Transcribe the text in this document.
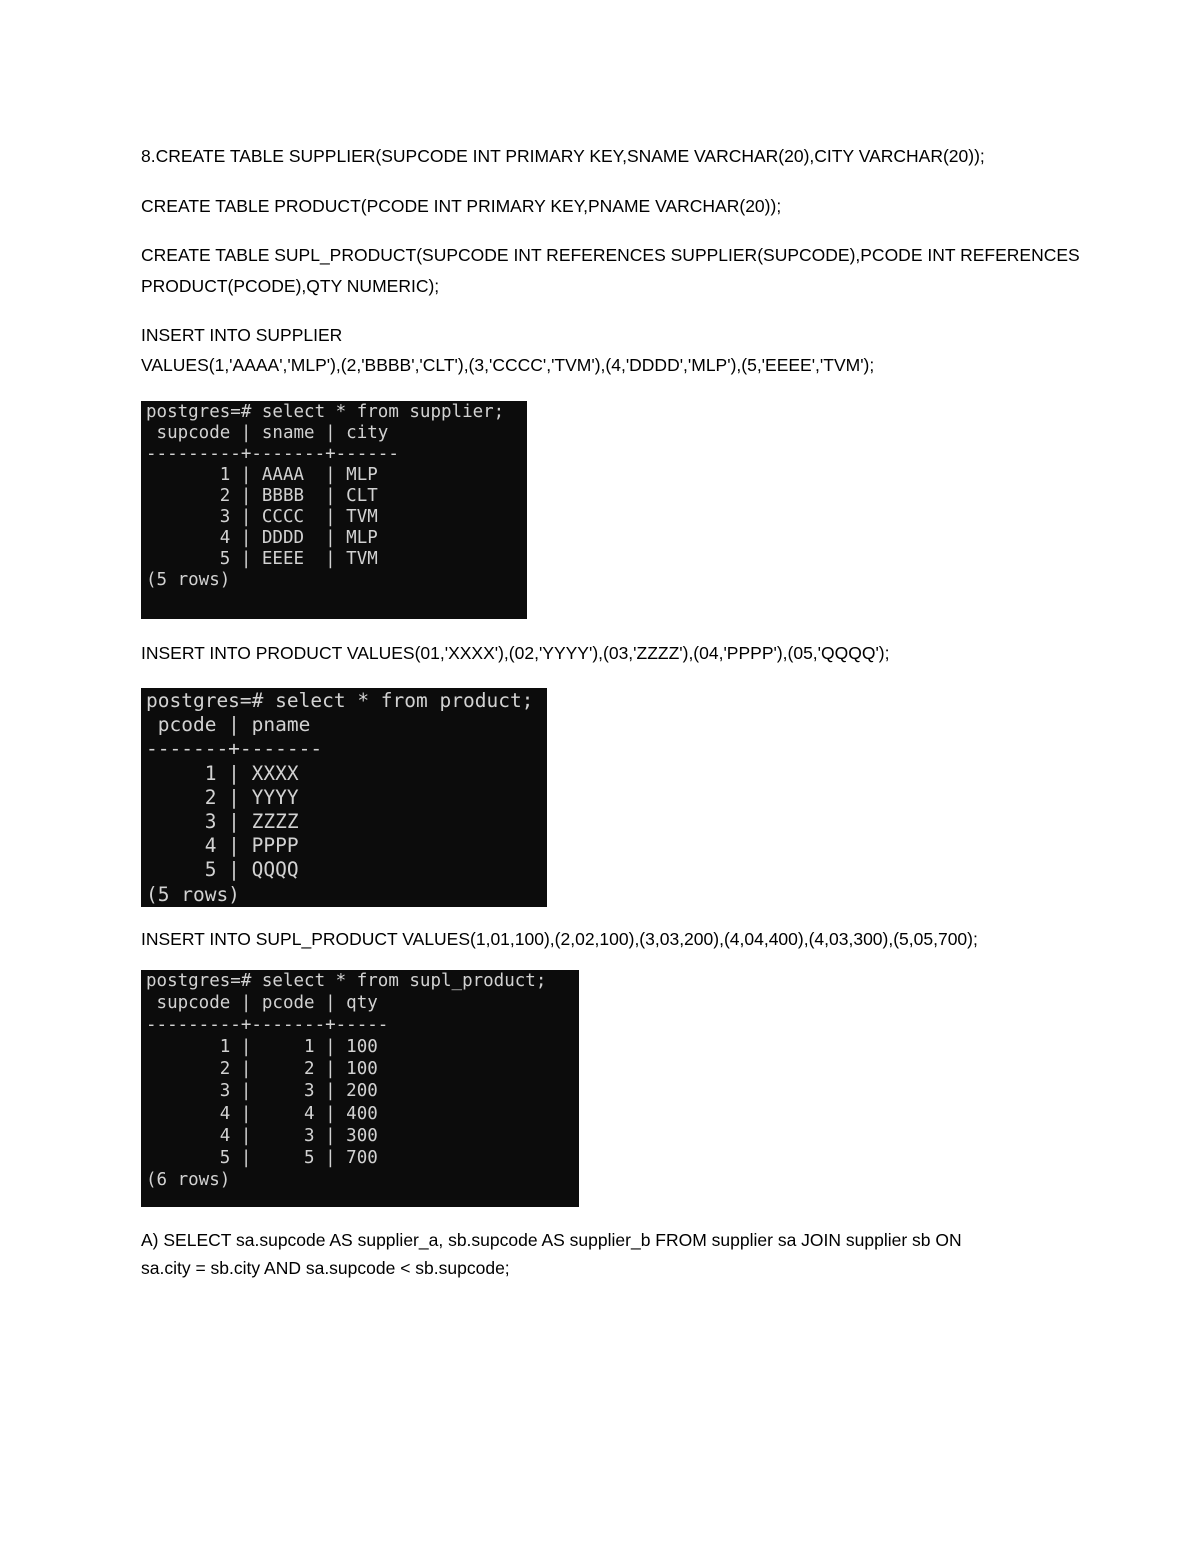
8.CREATE TABLE SUPPLIER(SUPCODE INT PRIMARY KEY,SNAME VARCHAR(20),CITY VARCHAR(20));
CREATE TABLE PRODUCT(PCODE INT PRIMARY KEY,PNAME VARCHAR(20));
CREATE TABLE SUPL_PRODUCT(SUPCODE INT REFERENCES SUPPLIER(SUPCODE),PCODE INT REFERENCES
PRODUCT(PCODE),QTY NUMERIC);
INSERT INTO SUPPLIER
VALUES(1,'AAAA','MLP'),(2,'BBBB','CLT'),(3,'CCCC','TVM'),(4,'DDDD','MLP'),(5,'EEEE','TVM');
postgres=# select * from supplier;
supcode | sname | city
---------+-------+------
1 | AAAA  | MLP
2 | BBBB  | CLT
3 | CCCC  | TVM
4 | DDDD  | MLP
5 | EEEE  | TVM
(5 rows)
INSERT INTO PRODUCT VALUES(01,'XXXX'),(02,'YYYY'),(03,'ZZZZ'),(04,'PPPP'),(05,'QQQQ');
postgres=# select * from product;
pcode | pname
-------+-------
1 | XXXX
2 | YYYY
3 | ZZZZ
4 | PPPP
5 | QQQQ
(5 rows)
INSERT INTO SUPL_PRODUCT VALUES(1,01,100),(2,02,100),(3,03,200),(4,04,400),(4,03,300),(5,05,700);
postgres=# select * from supl_product;
supcode | pcode | qty
---------+-------+-----
1 |     1 | 100
2 |     2 | 100
3 |     3 | 200
4 |     4 | 400
4 |     3 | 300
5 |     5 | 700
(6 rows)
A) SELECT sa.supcode AS supplier_a, sb.supcode AS supplier_b FROM supplier sa JOIN supplier sb ON
sa.city = sb.city AND sa.supcode < sb.supcode;
